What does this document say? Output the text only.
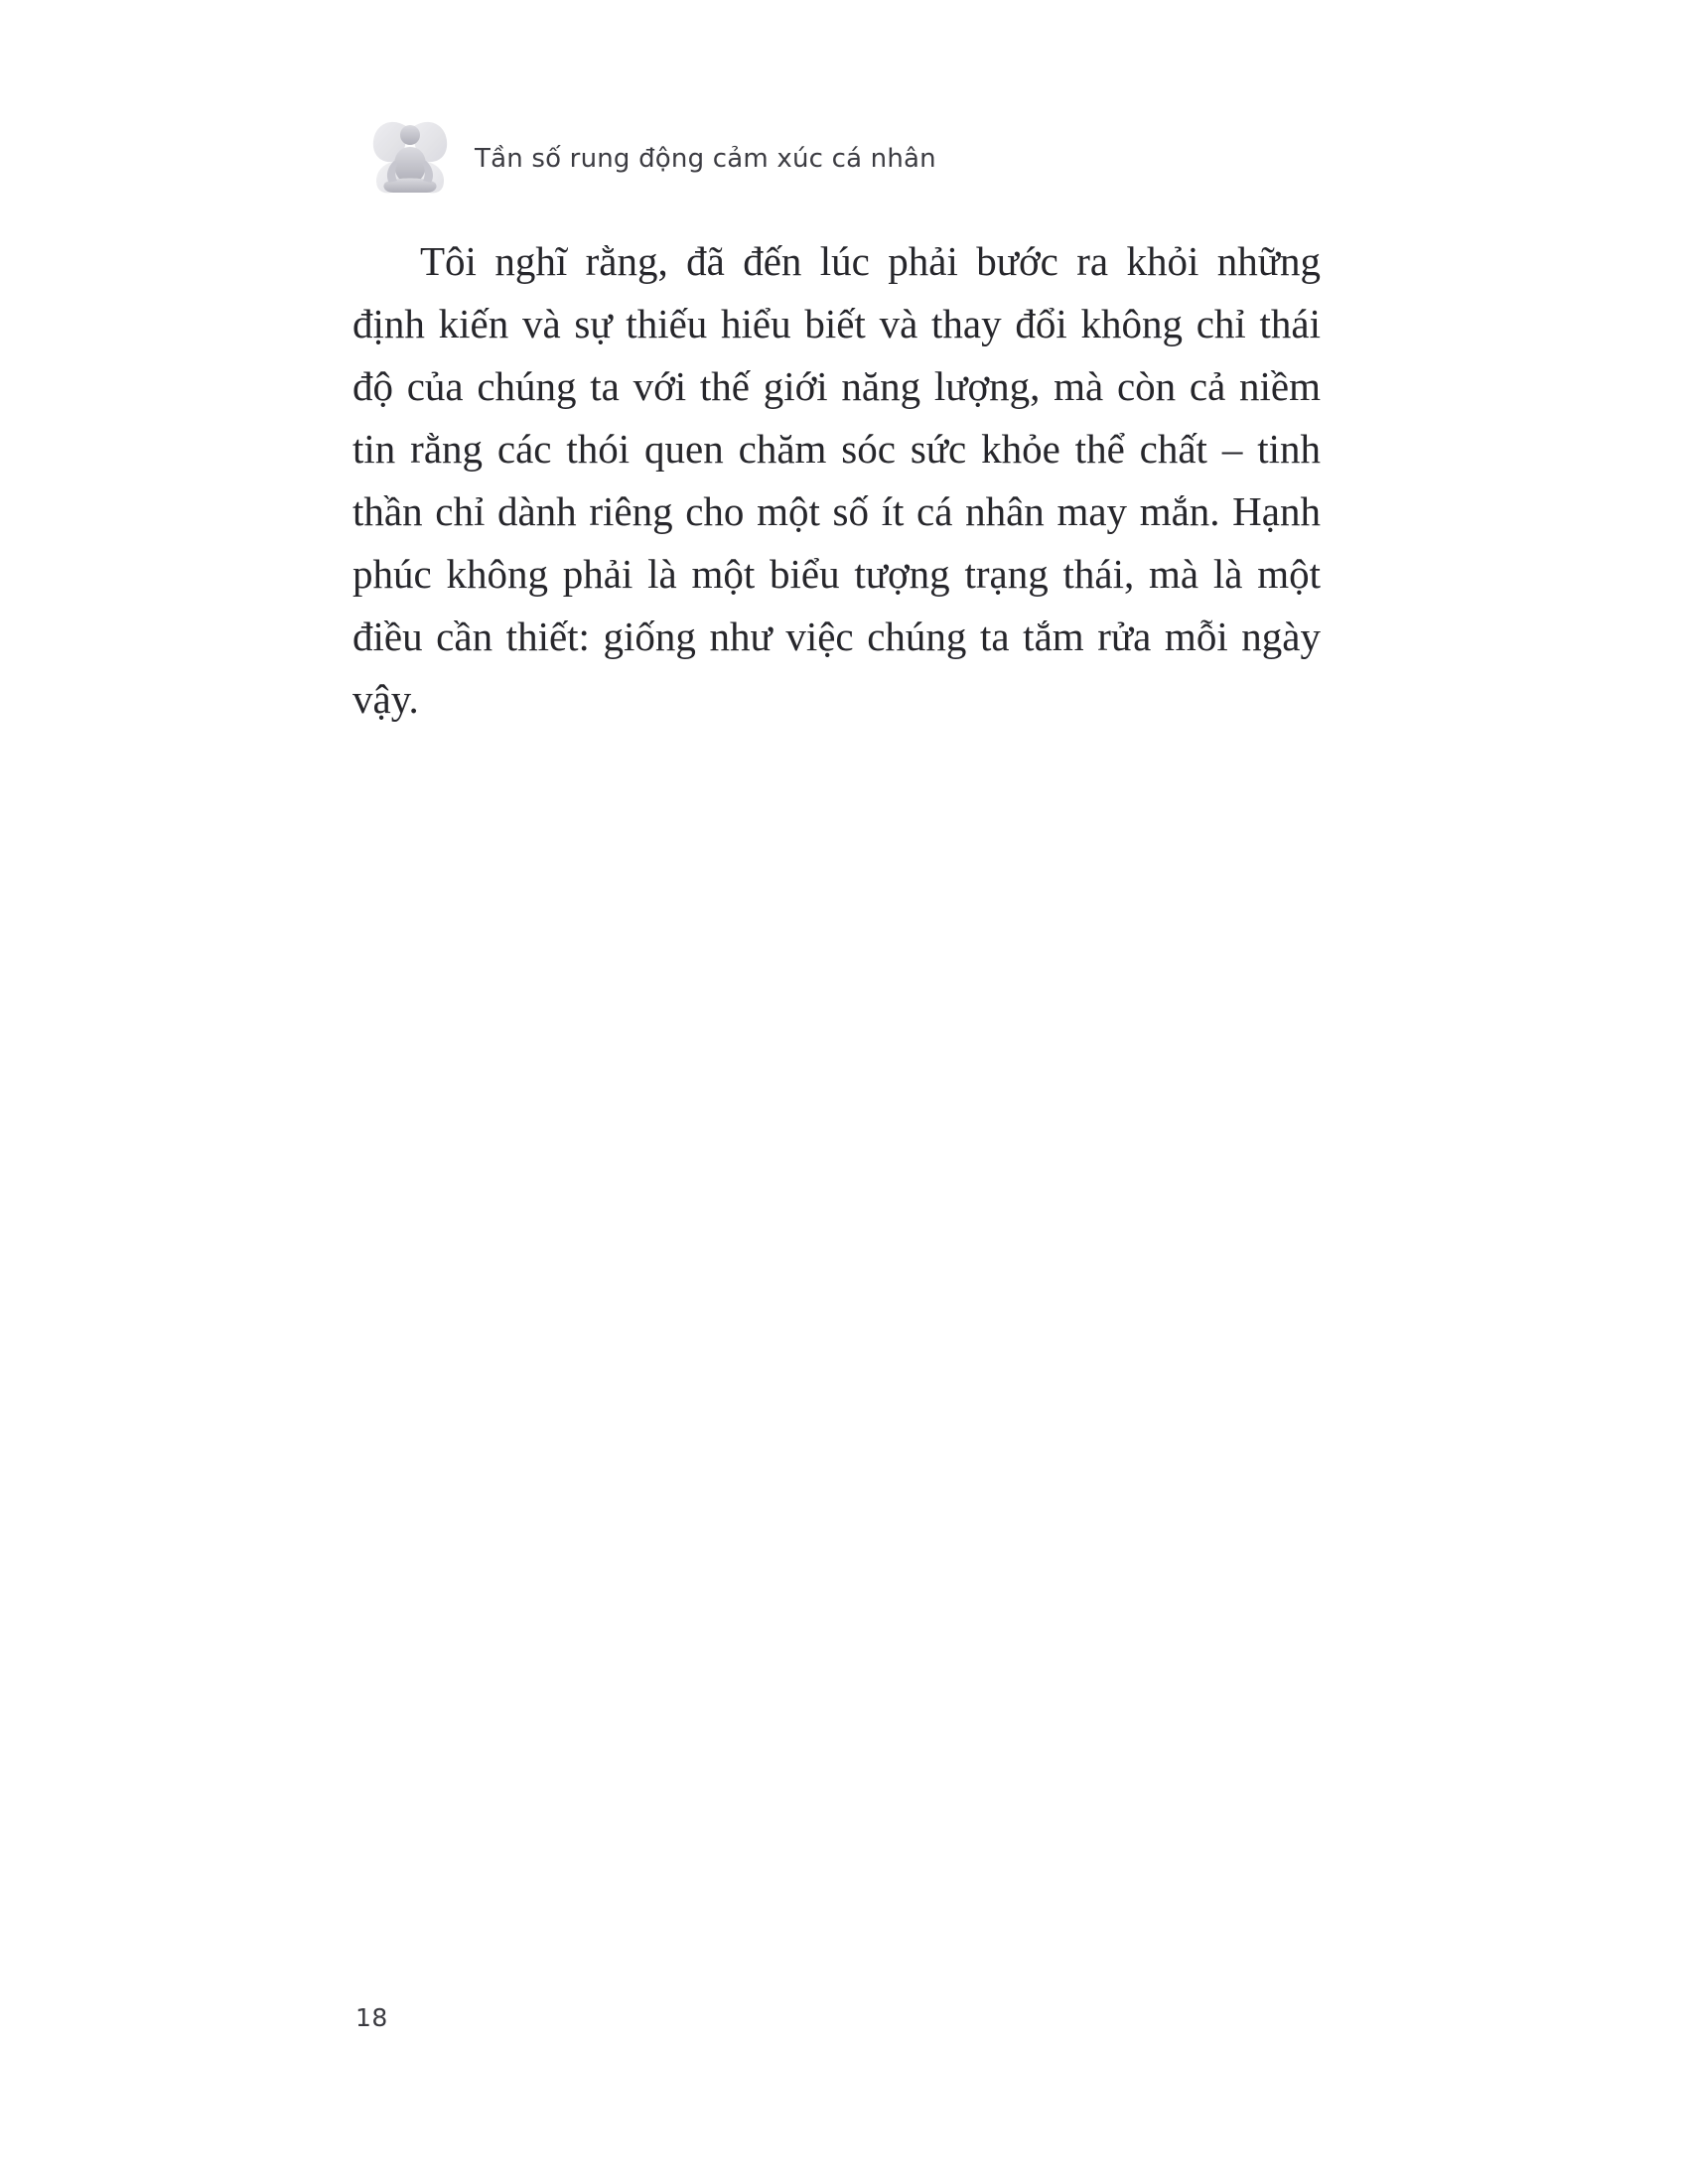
Tần số rung động cảm xúc cá nhân

Tôi nghĩ rằng, đã đến lúc phải bước ra khỏi những định kiến và sự thiếu hiểu biết và thay đổi không chỉ thái độ của chúng ta với thế giới năng lượng, mà còn cả niềm tin rằng các thói quen chăm sóc sức khỏe thể chất – tinh thần chỉ dành riêng cho một số ít cá nhân may mắn. Hạnh phúc không phải là một biểu tượng trạng thái, mà là một điều cần thiết: giống như việc chúng ta tắm rửa mỗi ngày vậy.

18
